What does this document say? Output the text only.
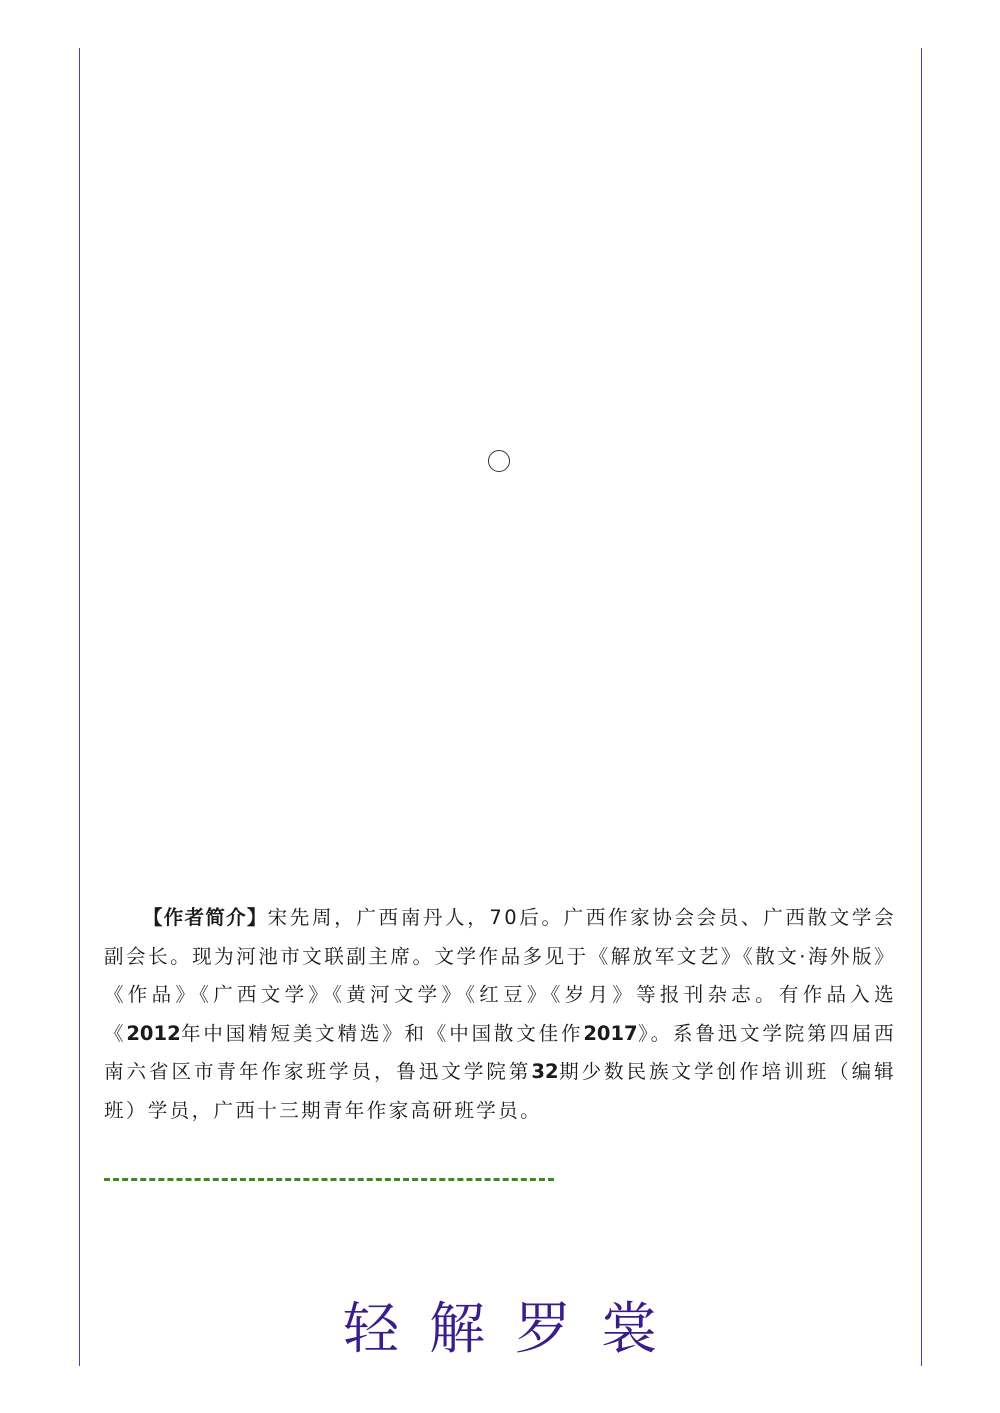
【作者简介】宋先周，广西南丹人，70后。广西作家协会会员、广西散文学会副会长。现为河池市文联副主席。文学作品多见于《解放军文艺》《散文·海外版》《作品》《广西文学》《黄河文学》《红豆》《岁月》等报刊杂志。有作品入选《2012年中国精短美文精选》和《中国散文佳作2017》。系鲁迅文学院第四届西南六省区市青年作家班学员，鲁迅文学院第32期少数民族文学创作培训班（编辑班）学员，广西十三期青年作家高研班学员。

轻解罗裳
